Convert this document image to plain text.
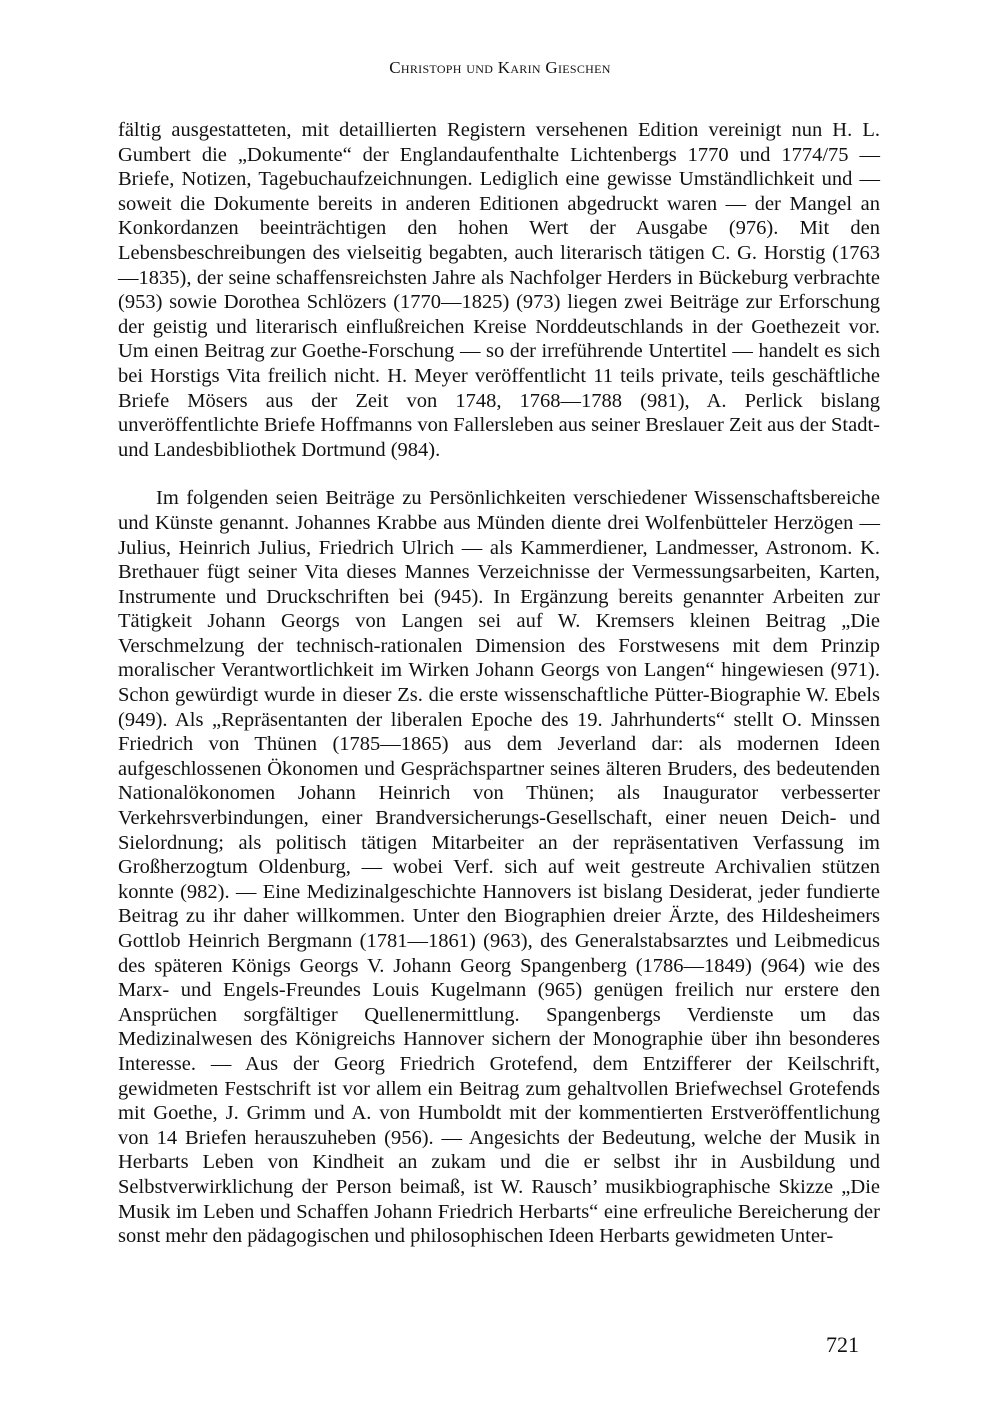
Christoph und Karin Gieschen

fältig ausgestatteten, mit detaillierten Registern versehenen Edition vereinigt nun H. L. Gumbert die „Dokumente“ der Englandaufenthalte Lichtenbergs 1770 und 1774/75 — Briefe, Notizen, Tagebuchaufzeichnungen. Lediglich eine gewisse Umständlichkeit und — soweit die Dokumente bereits in anderen Editionen abgedruckt waren — der Mangel an Konkordanzen beeinträchtigen den hohen Wert der Ausgabe (976). Mit den Lebensbeschreibungen des vielseitig begabten, auch literarisch tätigen C. G. Horstig (1763—1835), der seine schaffensreichsten Jahre als Nachfolger Herders in Bückeburg verbrachte (953) sowie Dorothea Schlözers (1770—1825) (973) liegen zwei Beiträge zur Erforschung der geistig und literarisch einflußreichen Kreise Norddeutschlands in der Goethezeit vor. Um einen Beitrag zur Goethe-Forschung — so der irreführende Untertitel — handelt es sich bei Horstigs Vita freilich nicht. H. Meyer veröffentlicht 11 teils private, teils geschäftliche Briefe Mösers aus der Zeit von 1748, 1768—1788 (981), A. Perlick bislang unveröffentlichte Briefe Hoffmanns von Fallersleben aus seiner Breslauer Zeit aus der Stadt- und Landesbibliothek Dortmund (984).

Im folgenden seien Beiträge zu Persönlichkeiten verschiedener Wissenschaftsbereiche und Künste genannt. Johannes Krabbe aus Münden diente drei Wolfenbütteler Herzögen — Julius, Heinrich Julius, Friedrich Ulrich — als Kammerdiener, Landmesser, Astronom. K. Brethauer fügt seiner Vita dieses Mannes Verzeichnisse der Vermessungsarbeiten, Karten, Instrumente und Druckschriften bei (945). In Ergänzung bereits genannter Arbeiten zur Tätigkeit Johann Georgs von Langen sei auf W. Kremsers kleinen Beitrag „Die Verschmelzung der technisch-rationalen Dimension des Forstwesens mit dem Prinzip moralischer Verantwortlichkeit im Wirken Johann Georgs von Langen“ hingewiesen (971). Schon gewürdigt wurde in dieser Zs. die erste wissenschaftliche Pütter-Biographie W. Ebels (949). Als „Repräsentanten der liberalen Epoche des 19. Jahrhunderts“ stellt O. Minssen Friedrich von Thünen (1785—1865) aus dem Jeverland dar: als modernen Ideen aufgeschlossenen Ökonomen und Gesprächspartner seines älteren Bruders, des bedeutenden Nationalökonomen Johann Heinrich von Thünen; als Inaugurator verbesserter Verkehrsverbindungen, einer Brandversicherungs-Gesellschaft, einer neuen Deich- und Sielordnung; als politisch tätigen Mitarbeiter an der repräsentativen Verfassung im Großherzogtum Oldenburg, — wobei Verf. sich auf weit gestreute Archivalien stützen konnte (982). — Eine Medizinalgeschichte Hannovers ist bislang Desiderat, jeder fundierte Beitrag zu ihr daher willkommen. Unter den Biographien dreier Ärzte, des Hildesheimers Gottlob Heinrich Bergmann (1781—1861) (963), des Generalstabsarztes und Leibmedicus des späteren Königs Georgs V. Johann Georg Spangenberg (1786—1849) (964) wie des Marx- und Engels-Freundes Louis Kugelmann (965) genügen freilich nur erstere den Ansprüchen sorgfältiger Quellenermittlung. Spangenbergs Verdienste um das Medizinalwesen des Königreichs Hannover sichern der Monographie über ihn besonderes Interesse. — Aus der Georg Friedrich Grotefend, dem Entzifferer der Keilschrift, gewidmeten Festschrift ist vor allem ein Beitrag zum gehaltvollen Briefwechsel Grotefends mit Goethe, J. Grimm und A. von Humboldt mit der kommentierten Erstveröffentlichung von 14 Briefen herauszuheben (956). — Angesichts der Bedeutung, welche der Musik in Herbarts Leben von Kindheit an zukam und die er selbst ihr in Ausbildung und Selbstverwirklichung der Person beimaß, ist W. Rausch’ musikbiographische Skizze „Die Musik im Leben und Schaffen Johann Friedrich Herbarts“ eine erfreuliche Bereicherung der sonst mehr den pädagogischen und philosophischen Ideen Herbarts gewidmeten Unter-

721
